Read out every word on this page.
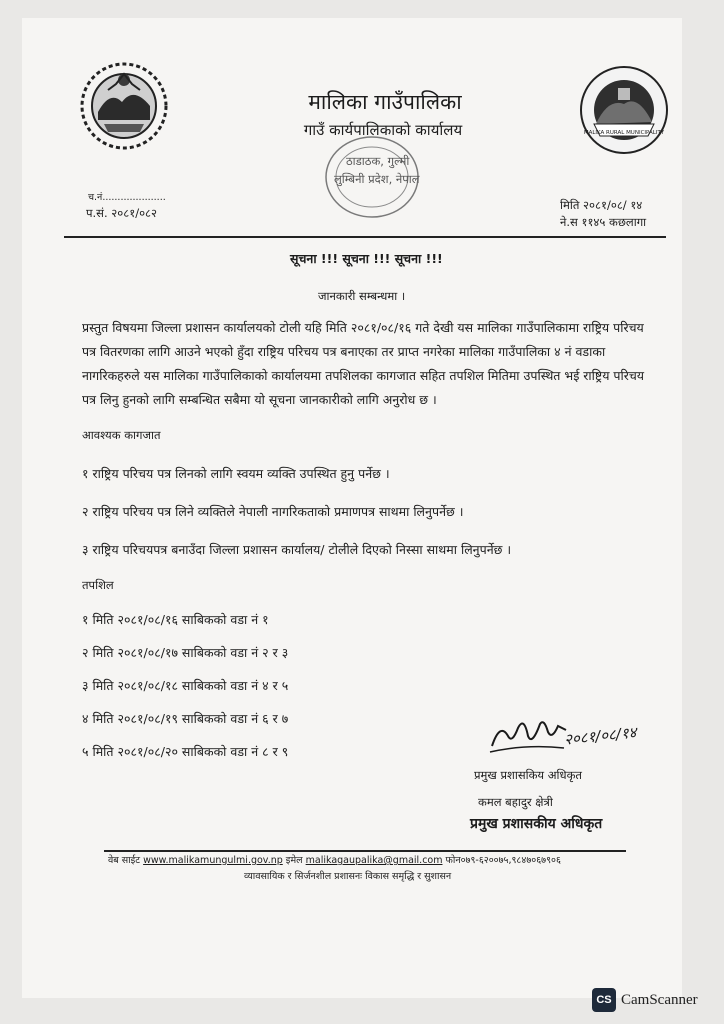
MALIKA RURAL MUNICIPALITY
मालिका गाउँपालिका
गाउँ कार्यपालिकाको कार्यालय
ठाडाठक, गुल्मी
लुम्बिनी प्रदेश, नेपाल
च.नं.....................
प.सं. २०८१/०८२
मिति २०८१/०८/ १४
ने.स ११४५ कछलागा
सूचना !!! सूचना !!! सूचना !!!
जानकारी सम्बन्धमा ।
प्रस्तुत विषयमा जिल्ला प्रशासन कार्यालयको टोली यहि मिति २०८१/०८/१६ गते देखी यस मालिका गाउँपालिकामा राष्ट्रिय परिचय पत्र वितरणका लागि आउने भएको हुँदा राष्ट्रिय परिचय पत्र बनाएका तर प्राप्त नगरेका मालिका गाउँपालिका ४ नं वडाका नागरिकहरुले यस मालिका गाउँपालिकाको कार्यालयमा तपशिलका कागजात सहित तपशिल मितिमा उपस्थित भई राष्ट्रिय परिचय पत्र लिनु हुनको लागि सम्बन्धित सबैमा यो सूचना जानकारीको लागि अनुरोध छ ।
आवश्यक कागजात
१ राष्ट्रिय परिचय पत्र लिनको लागि स्वयम व्यक्ति उपस्थित हुनु पर्नेछ ।
२ राष्ट्रिय परिचय पत्र लिने व्यक्तिले नेपाली नागरिकताको प्रमाणपत्र साथमा लिनुपर्नेछ ।
३ राष्ट्रिय परिचयपत्र बनाउँदा जिल्ला प्रशासन कार्यालय/ टोलीले दिएको निस्सा साथमा लिनुपर्नेछ ।
तपशिल
१ मिति २०८१/०८/१६ साबिकको वडा नं १
२ मिति २०८१/०८/१७ साबिकको वडा नं २ र ३
३ मिति २०८१/०८/१८ साबिकको वडा नं ४ र ५
४ मिति २०८१/०८/१९ साबिकको वडा नं ६ र ७
५ मिति २०८१/०८/२० साबिकको वडा नं ८ र ९
२०८१/०८/१४
प्रमुख प्रशासकिय अधिकृत
कमल बहादुर क्षेत्री
प्रमुख प्रशासकीय अधिकृत
वेब साईट www.malikamungulmi.gov.np इमेल malikagaupalika@gmail.com फोन०७९-६२००७५,९८४७०६७९०६
व्यावसायिक र सिर्जनशील प्रशासनः विकास समृद्धि र सुशासन
CS CamScanner
